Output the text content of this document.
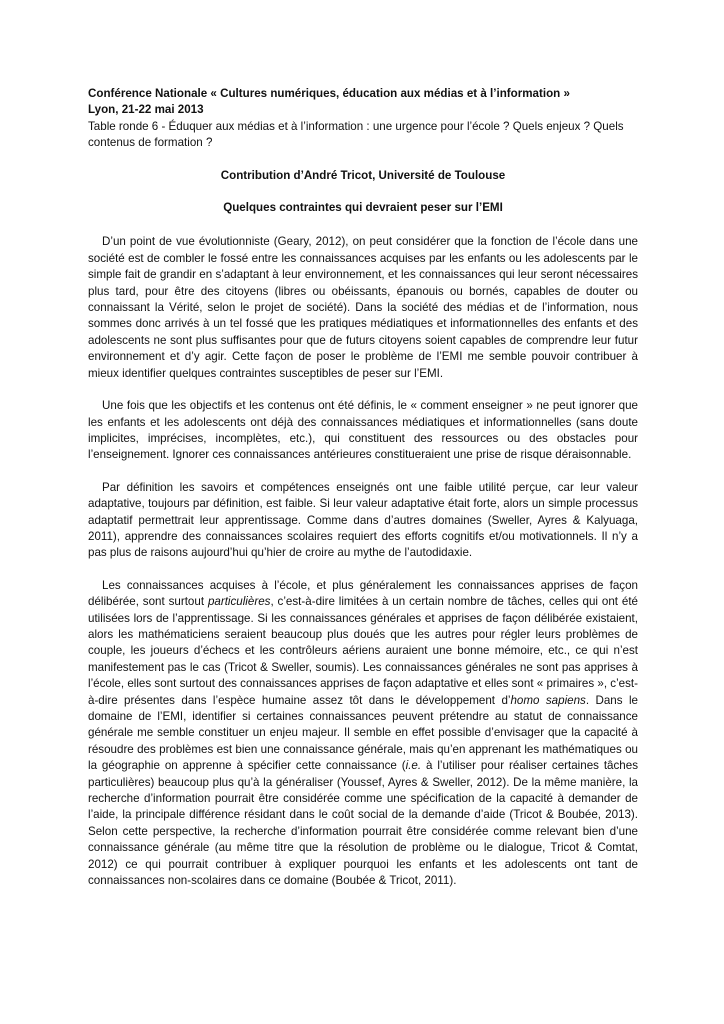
Conférence Nationale « Cultures numériques, éducation aux médias et à l’information »

Lyon, 21-22 mai 2013

Table ronde 6 - Éduquer aux médias et à l’information : une urgence pour l’école ? Quels enjeux ? Quels contenus de formation ?

Contribution d’André Tricot, Université de Toulouse

Quelques contraintes qui devraient peser sur l’EMI

D’un point de vue évolutionniste (Geary, 2012), on peut considérer que la fonction de l’école dans une société est de combler le fossé entre les connaissances acquises par les enfants ou les adolescents par le simple fait de grandir en s’adaptant à leur environnement, et les connaissances qui leur seront nécessaires plus tard, pour être des citoyens (libres ou obéissants, épanouis ou bornés, capables de douter ou connaissant la Vérité, selon le projet de société). Dans la société des médias et de l’information, nous sommes donc arrivés à un tel fossé que les pratiques médiatiques et informationnelles des enfants et des adolescents ne sont plus suffisantes pour que de futurs citoyens soient capables de comprendre leur futur environnement et d’y agir. Cette façon de poser le problème de l’EMI me semble pouvoir contribuer à mieux identifier quelques contraintes susceptibles de peser sur l’EMI.

Une fois que les objectifs et les contenus ont été définis, le « comment enseigner » ne peut ignorer que les enfants et les adolescents ont déjà des connaissances médiatiques et informationnelles (sans doute implicites, imprécises, incomplètes, etc.), qui constituent des ressources ou des obstacles pour l’enseignement. Ignorer ces connaissances antérieures constitueraient une prise de risque déraisonnable.

Par définition les savoirs et compétences enseignés ont une faible utilité perçue, car leur valeur adaptative, toujours par définition, est faible. Si leur valeur adaptative était forte, alors un simple processus adaptatif permettrait leur apprentissage. Comme dans d’autres domaines (Sweller, Ayres & Kalyuaga, 2011), apprendre des connaissances scolaires requiert des efforts cognitifs et/ou motivationnels. Il n’y a pas plus de raisons aujourd’hui qu’hier de croire au mythe de l’autodidaxie.

Les connaissances acquises à l’école, et plus généralement les connaissances apprises de façon délibérée, sont surtout particulières, c’est-à-dire limitées à un certain nombre de tâches, celles qui ont été utilisées lors de l’apprentissage. Si les connaissances générales et apprises de façon délibérée existaient, alors les mathématiciens seraient beaucoup plus doués que les autres pour régler leurs problèmes de couple, les joueurs d’échecs et les contrôleurs aériens auraient une bonne mémoire, etc., ce qui n’est manifestement pas le cas (Tricot & Sweller, soumis). Les connaissances générales ne sont pas apprises à l’école, elles sont surtout des connaissances apprises de façon adaptative et elles sont « primaires », c’est-à-dire présentes dans l’espèce humaine assez tôt dans le développement d’homo sapiens. Dans le domaine de l’EMI, identifier si certaines connaissances peuvent prétendre au statut de connaissance générale me semble constituer un enjeu majeur. Il semble en effet possible d’envisager que la capacité à résoudre des problèmes est bien une connaissance générale, mais qu’en apprenant les mathématiques ou la géographie on apprenne à spécifier cette connaissance (i.e. à l’utiliser pour réaliser certaines tâches particulières) beaucoup plus qu’à la généraliser (Youssef, Ayres & Sweller, 2012). De la même manière, la recherche d’information pourrait être considérée comme une spécification de la capacité à demander de l’aide, la principale différence résidant dans le coût social de la demande d’aide (Tricot & Boubée, 2013). Selon cette perspective, la recherche d’information pourrait être considérée comme relevant bien d’une connaissance générale (au même titre que la résolution de problème ou le dialogue, Tricot & Comtat, 2012) ce qui pourrait contribuer à expliquer pourquoi les enfants et les adolescents ont tant de connaissances non-scolaires dans ce domaine (Boubée & Tricot, 2011).
